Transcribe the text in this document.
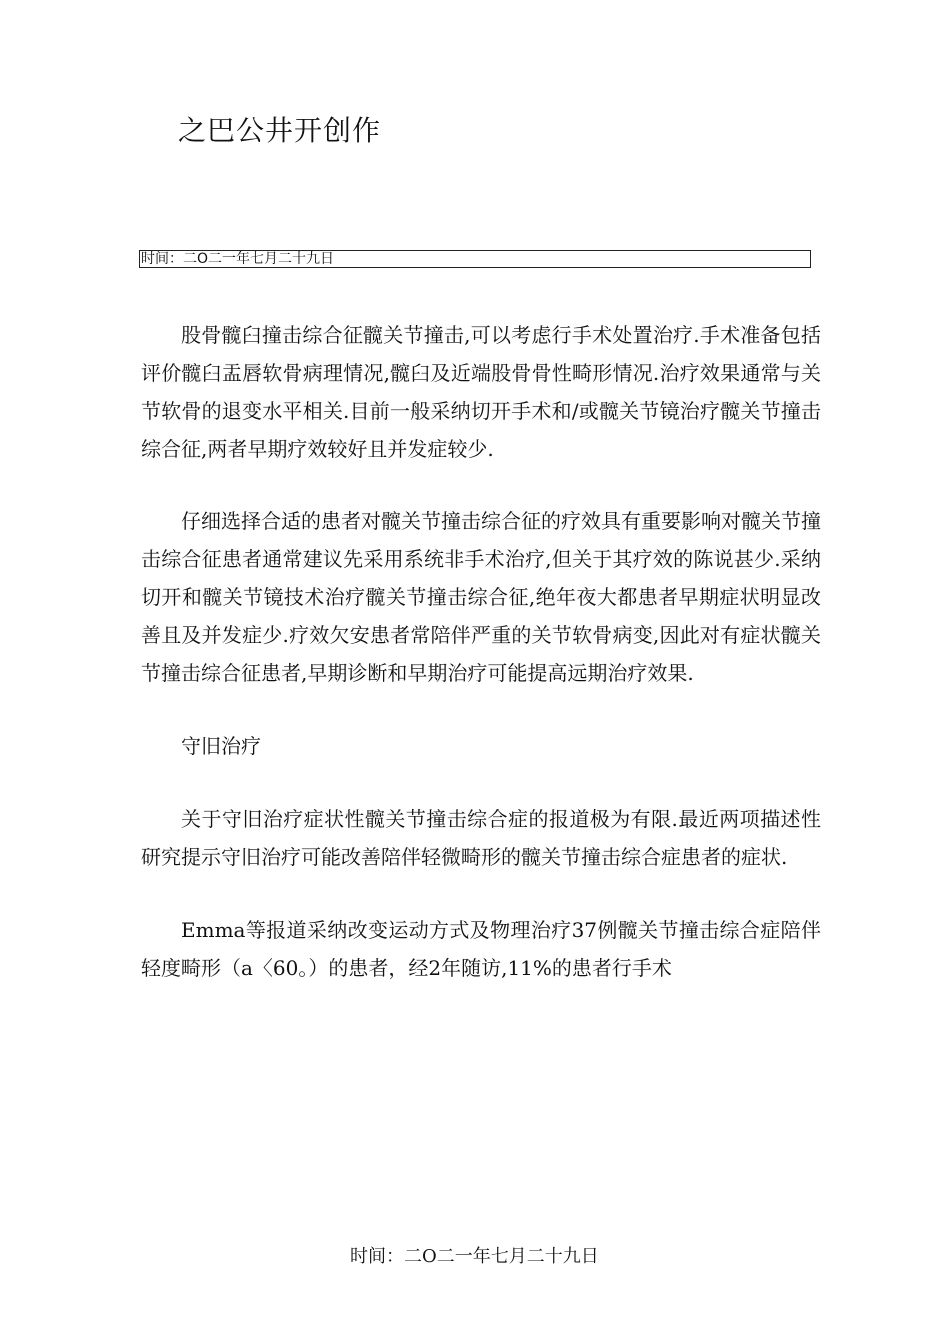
之巴公井开创作
时间：二O二一年七月二十九日

股骨髋臼撞击综合征髋关节撞击,可以考虑行手术处置治疗.手术准备包括评价髋臼盂唇软骨病理情况,髋臼及近端股骨骨性畸形情况.治疗效果通常与关节软骨的退变水平相关.目前一般采纳切开手术和/或髋关节镜治疗髋关节撞击综合征,两者早期疗效较好且并发症较少.

仔细选择合适的患者对髋关节撞击综合征的疗效具有重要影响对髋关节撞击综合征患者通常建议先采用系统非手术治疗,但关于其疗效的陈说甚少.采纳切开和髋关节镜技术治疗髋关节撞击综合征,绝年夜大都患者早期症状明显改善且及并发症少.疗效欠安患者常陪伴严重的关节软骨病变,因此对有症状髋关节撞击综合征患者,早期诊断和早期治疗可能提高远期治疗效果.

守旧治疗

关于守旧治疗症状性髋关节撞击综合症的报道极为有限.最近两项描述性研究提示守旧治疗可能改善陪伴轻微畸形的髋关节撞击综合症患者的症状.

Emma等报道采纳改变运动方式及物理治疗37例髋关节撞击综合症陪伴轻度畸形（a〈60。）的患者，经2年随访,11%的患者行手术

时间：二O二一年七月二十九日
